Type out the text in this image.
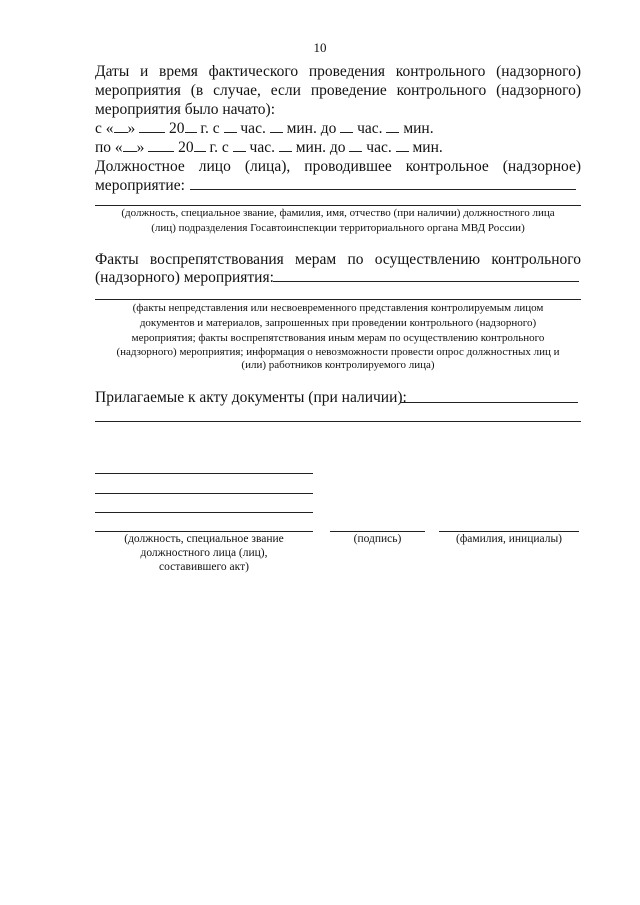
10
Даты и время фактического проведения контрольного (надзорного)
мероприятия (в случае, если проведение контрольного (надзорного)
мероприятия было начато):
с « » 20 г. с час. мин. до час. мин.
по « » 20 г. с час. мин. до час. мин.
Должностное лицо (лица), проводившее контрольное (надзорное)
мероприятие:
(должность, специальное звание, фамилия, имя, отчество (при наличии) должностного лица
(лиц) подразделения Госавтоинспекции территориального органа МВД России)
Факты воспрепятствования мерам по осуществлению контрольного
(надзорного) мероприятия:
(факты непредставления или несвоевременного представления контролируемым лицом
документов и материалов, запрошенных при проведении контрольного (надзорного)
мероприятия; факты воспрепятствования иным мерам по осуществлению контрольного
(надзорного) мероприятия; информация о невозможности провести опрос должностных лиц и
(или) работников контролируемого лица)
Прилагаемые к акту документы (при наличии):
(должность, специальное звание
должностного лица (лиц),
составившего акт)
(подпись)	(фамилия, инициалы)
